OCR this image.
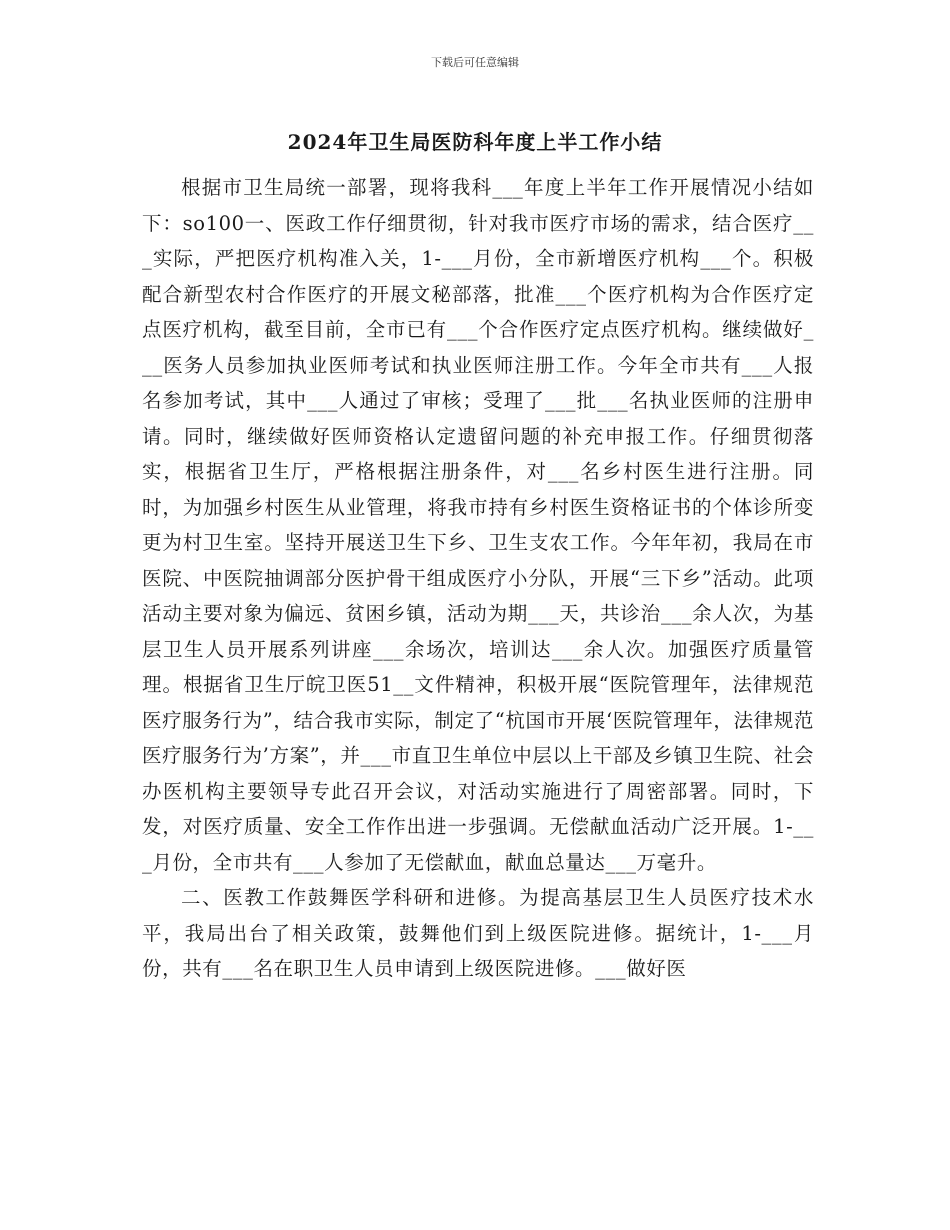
下载后可任意编辑
2024年卫生局医防科年度上半工作小结

根据市卫生局统一部署，现将我科___年度上半年工作开展情况小结如下：so100一、医政工作仔细贯彻，针对我市医疗市场的需求，结合医疗___实际，严把医疗机构准入关，1-___月份，全市新增医疗机构___个。积极配合新型农村合作医疗的开展文秘部落，批准___个医疗机构为合作医疗定点医疗机构，截至目前，全市已有___个合作医疗定点医疗机构。继续做好___医务人员参加执业医师考试和执业医师注册工作。今年全市共有___人报名参加考试，其中___人通过了审核；受理了___批___名执业医师的注册申请。同时，继续做好医师资格认定遗留问题的补充申报工作。仔细贯彻落实，根据省卫生厅，严格根据注册条件，对___名乡村医生进行注册。同时，为加强乡村医生从业管理，将我市持有乡村医生资格证书的个体诊所变更为村卫生室。坚持开展送卫生下乡、卫生支农工作。今年年初，我局在市医院、中医院抽调部分医护骨干组成医疗小分队，开展“三下乡”活动。此项活动主要对象为偏远、贫困乡镇，活动为期___天，共诊治___余人次，为基层卫生人员开展系列讲座___余场次，培训达___余人次。加强医疗质量管理。根据省卫生厅皖卫医51__文件精神，积极开展“医院管理年，法律规范医疗服务行为”，结合我市实际，制定了“杭国市开展‘医院管理年，法律规范医疗服务行为’方案”，并___市直卫生单位中层以上干部及乡镇卫生院、社会办医机构主要领导专此召开会议，对活动实施进行了周密部署。同时，下发，对医疗质量、安全工作作出进一步强调。无偿献血活动广泛开展。1-___月份，全市共有___人参加了无偿献血，献血总量达___万毫升。

二、医教工作鼓舞医学科研和进修。为提高基层卫生人员医疗技术水平，我局出台了相关政策，鼓舞他们到上级医院进修。据统计，1-___月份，共有___名在职卫生人员申请到上级医院进修。___做好医
